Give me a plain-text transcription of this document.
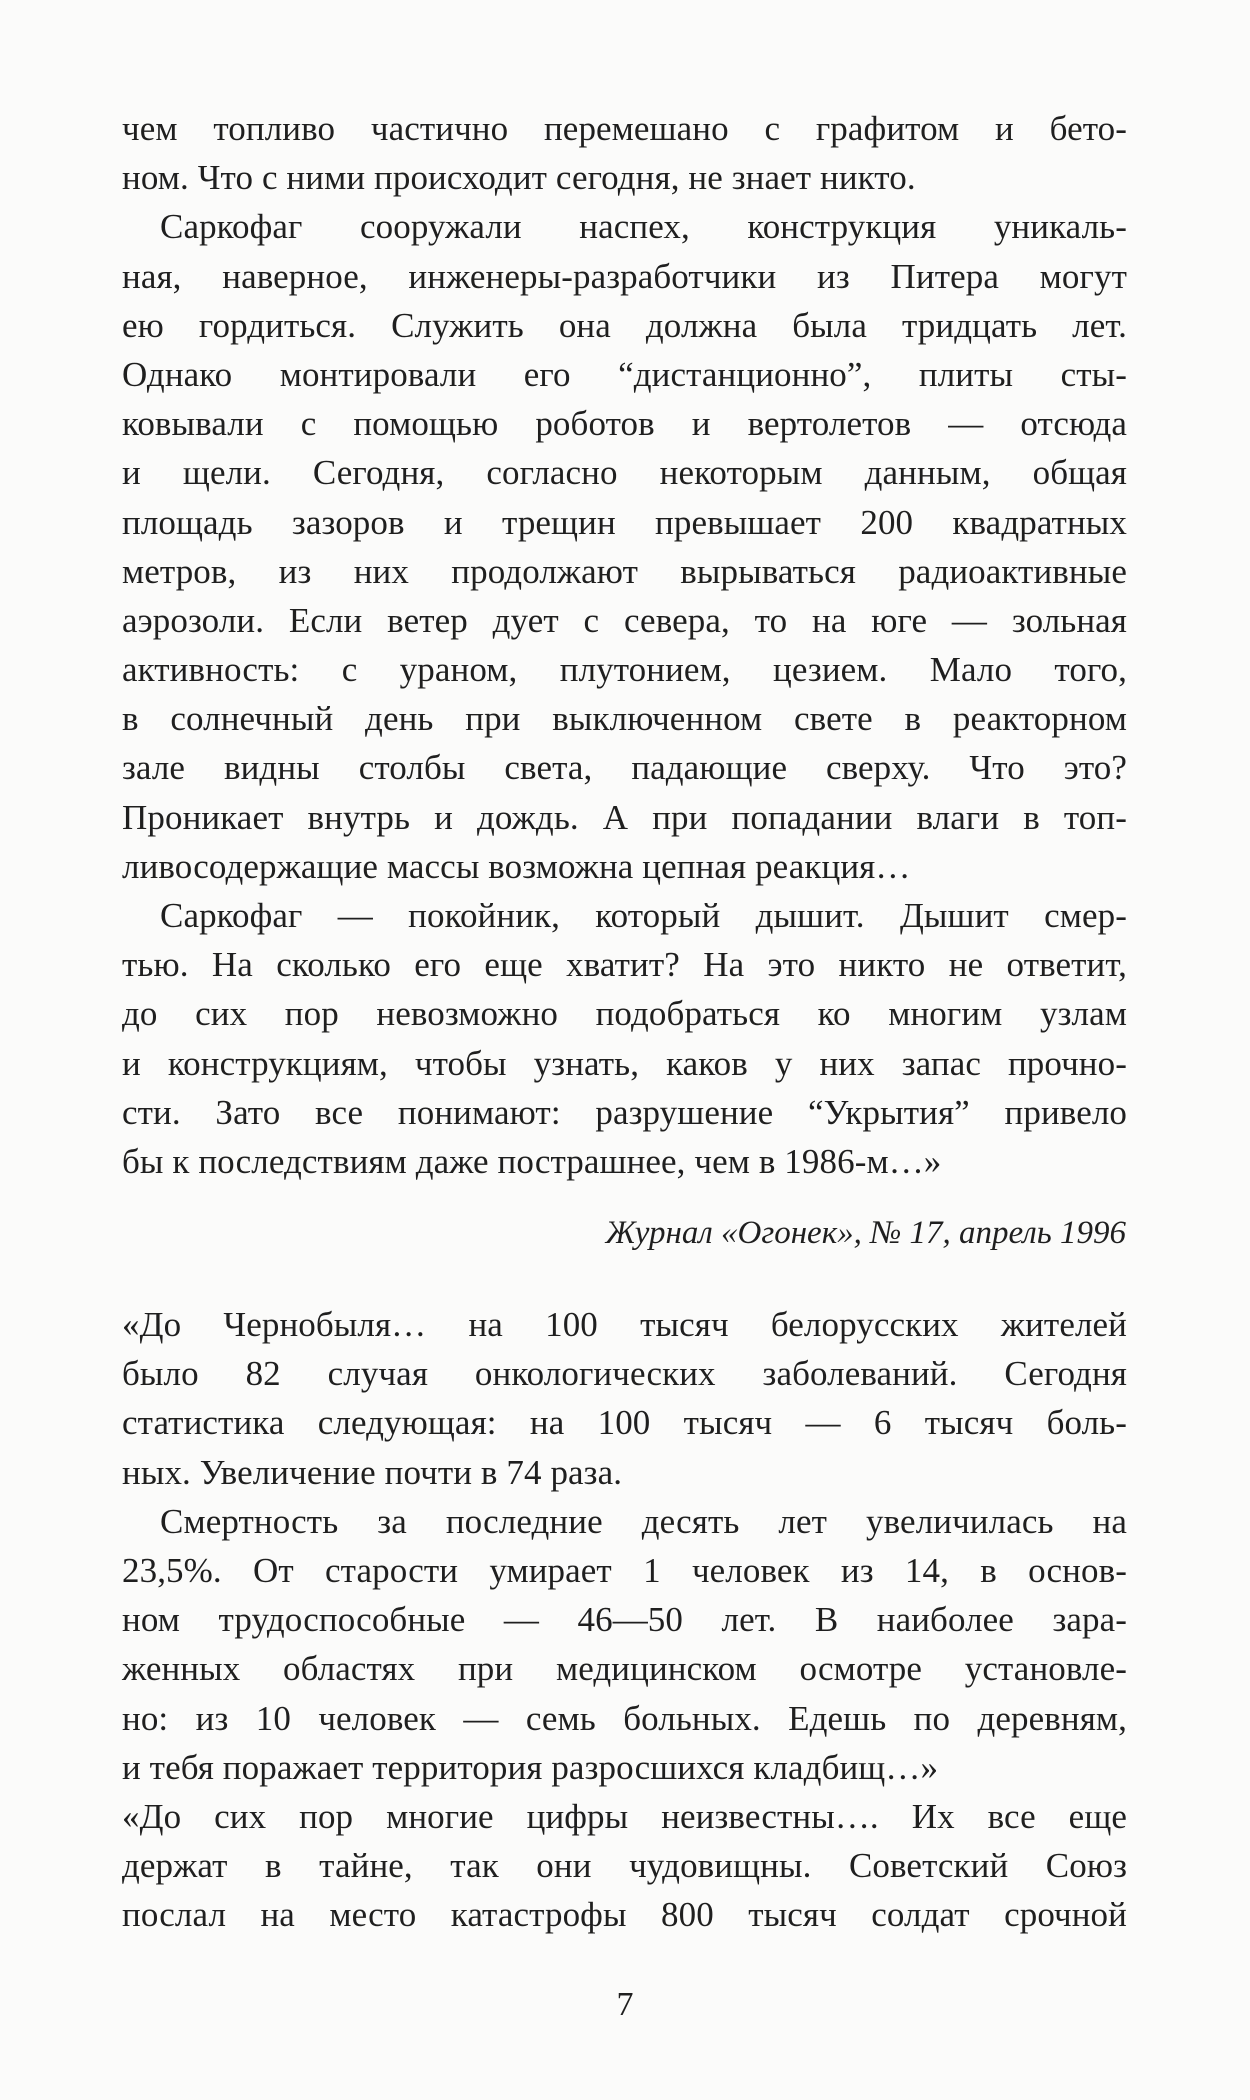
чем топливо частично перемешано с графитом и бето-
ном. Что с ними происходит сегодня, не знает никто.
Саркофаг сооружали наспех, конструкция уникаль-
ная, наверное, инженеры-разработчики из Питера могут
ею гордиться. Служить она должна была тридцать лет.
Однако монтировали его “дистанционно”, плиты сты-
ковывали с помощью роботов и вертолетов — отсюда
и щели. Сегодня, согласно некоторым данным, общая
площадь зазоров и трещин превышает 200 квадратных
метров, из них продолжают вырываться радиоактивные
аэрозоли. Если ветер дует с севера, то на юге — зольная
активность: с ураном, плутонием, цезием. Мало того,
в солнечный день при выключенном свете в реакторном
зале видны столбы света, падающие сверху. Что это?
Проникает внутрь и дождь. А при попадании влаги в топ-
ливосодержащие массы возможна цепная реакция…
Саркофаг — покойник, который дышит. Дышит смер-
тью. На сколько его еще хватит? На это никто не ответит,
до сих пор невозможно подобраться ко многим узлам
и конструкциям, чтобы узнать, каков у них запас прочно-
сти. Зато все понимают: разрушение “Укрытия” привело
бы к последствиям даже пострашнее, чем в 1986-м…»
Журнал «Огонек», № 17, апрель 1996
«До Чернобыля… на 100 тысяч белорусских жителей
было 82 случая онкологических заболеваний. Сегодня
статистика следующая: на 100 тысяч — 6 тысяч боль-
ных. Увеличение почти в 74 раза.
Смертность за последние десять лет увеличилась на
23,5%. От старости умирает 1 человек из 14, в основ-
ном трудоспособные — 46—50 лет. В наиболее зара-
женных областях при медицинском осмотре установле-
но: из 10 человек — семь больных. Едешь по деревням,
и тебя поражает территория разросшихся кладбищ…»
«До сих пор многие цифры неизвестны…. Их все еще
держат в тайне, так они чудовищны. Советский Союз
послал на место катастрофы 800 тысяч солдат срочной
7
